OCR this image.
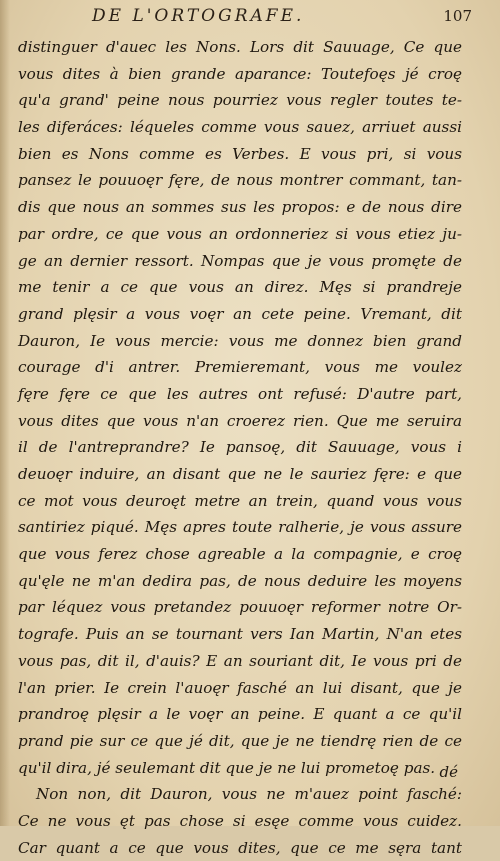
DE L'ORTOGRAFE.	107
distinguer d'auec les Nons. Lors dit Sauuage, Ce que
vous dites à bien grande aparance: Toutefoęs jé croę
qu'a grand' peine nous pourriez vous regler toutes te-
les diferáces: léqueles comme vous sauez, arriuet aussi
bien es Nons comme es Verbes. E vous pri, si vous
pansez le pouuoęr fęre, de nous montrer commant, tan-
dis que nous an sommes sus les propos: e de nous dire
par ordre, ce que vous an ordonneriez si vous etiez ju-
ge an dernier ressort. Nompas que je vous promęte de
me tenir a ce que vous an direz. Męs si prandreje
grand plęsir a vous voęr an cete peine. Vremant, dit
Dauron, Ie vous mercie: vous me donnez bien grand
courage d'i antrer. Premieremant, vous me voulez
fęre fęre ce que les autres ont refusé: D'autre part,
vous dites que vous n'an croerez rien. Que me seruira
il de l'antreprandre? Ie pansoę, dit Sauuage, vous i
deuoęr induire, an disant que ne le sauriez fęre: e que
ce mot vous deuroęt metre an trein, quand vous vous
santiriez piqué. Męs apres toute ralherie, je vous assure
que vous ferez chose agreable a la compagnie, e croę
qu'ęle ne m'an dedira pas, de nous deduire les moyens
par léquez vous pretandez pouuoęr reformer notre Or-
tografe. Puis an se tournant vers Ian Martin, N'an etes
vous pas, dit il, d'auis? E an souriant dit, Ie vous pri de
l'an prier. Ie crein l'auoęr fasché an lui disant, que je
prandroę plęsir a le voęr an peine. E quant a ce qu'il
prand pie sur ce que jé dit, que je ne tiendrę rien de ce
qu'il dira, jé seulemant dit que je ne lui prometoę pas.
Non non, dit Dauron, vous ne m'auez point fasché:
Ce ne vous ęt pas chose si esęe comme vous cuidez.
Car quant a ce que vous dites, que ce me sęra tant
dé
